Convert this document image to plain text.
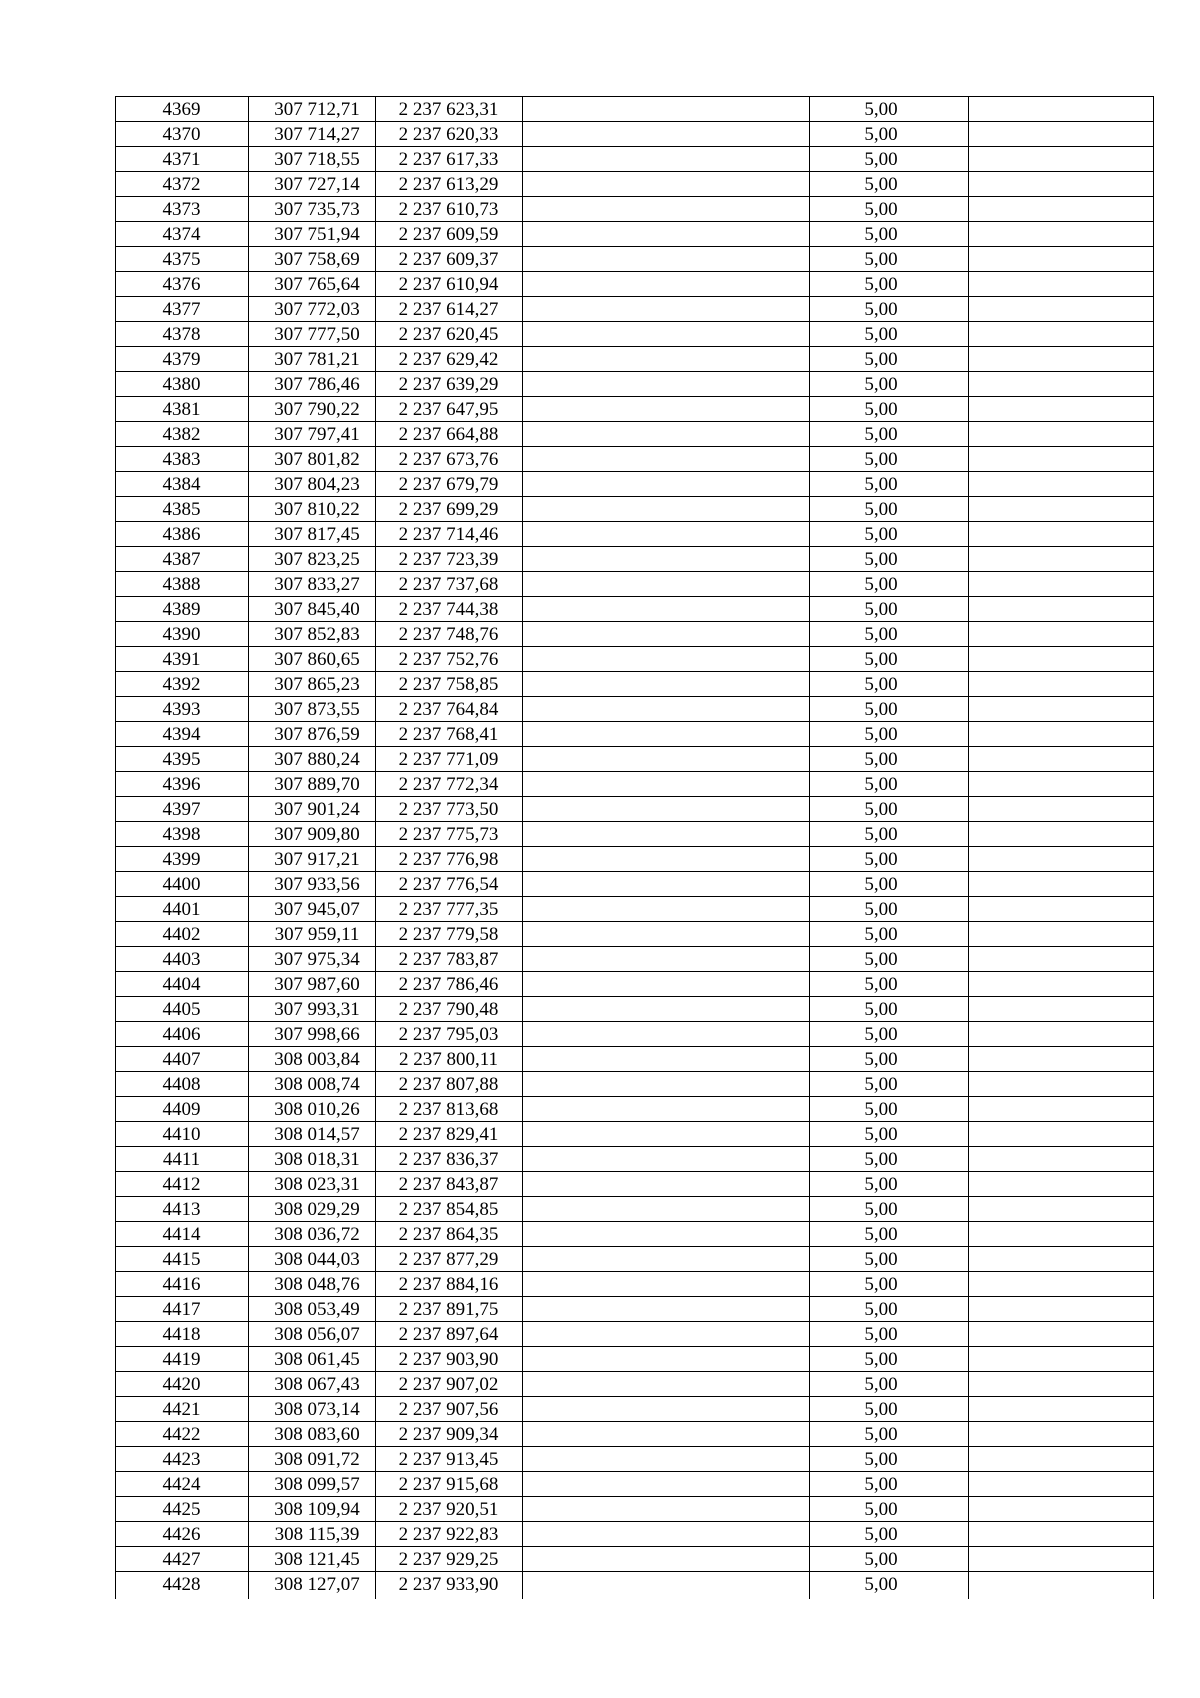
4369	307 712,71	2 237 623,31	5,00
4370	307 714,27	2 237 620,33	5,00
4371	307 718,55	2 237 617,33	5,00
4372	307 727,14	2 237 613,29	5,00
4373	307 735,73	2 237 610,73	5,00
4374	307 751,94	2 237 609,59	5,00
4375	307 758,69	2 237 609,37	5,00
4376	307 765,64	2 237 610,94	5,00
4377	307 772,03	2 237 614,27	5,00
4378	307 777,50	2 237 620,45	5,00
4379	307 781,21	2 237 629,42	5,00
4380	307 786,46	2 237 639,29	5,00
4381	307 790,22	2 237 647,95	5,00
4382	307 797,41	2 237 664,88	5,00
4383	307 801,82	2 237 673,76	5,00
4384	307 804,23	2 237 679,79	5,00
4385	307 810,22	2 237 699,29	5,00
4386	307 817,45	2 237 714,46	5,00
4387	307 823,25	2 237 723,39	5,00
4388	307 833,27	2 237 737,68	5,00
4389	307 845,40	2 237 744,38	5,00
4390	307 852,83	2 237 748,76	5,00
4391	307 860,65	2 237 752,76	5,00
4392	307 865,23	2 237 758,85	5,00
4393	307 873,55	2 237 764,84	5,00
4394	307 876,59	2 237 768,41	5,00
4395	307 880,24	2 237 771,09	5,00
4396	307 889,70	2 237 772,34	5,00
4397	307 901,24	2 237 773,50	5,00
4398	307 909,80	2 237 775,73	5,00
4399	307 917,21	2 237 776,98	5,00
4400	307 933,56	2 237 776,54	5,00
4401	307 945,07	2 237 777,35	5,00
4402	307 959,11	2 237 779,58	5,00
4403	307 975,34	2 237 783,87	5,00
4404	307 987,60	2 237 786,46	5,00
4405	307 993,31	2 237 790,48	5,00
4406	307 998,66	2 237 795,03	5,00
4407	308 003,84	2 237 800,11	5,00
4408	308 008,74	2 237 807,88	5,00
4409	308 010,26	2 237 813,68	5,00
4410	308 014,57	2 237 829,41	5,00
4411	308 018,31	2 237 836,37	5,00
4412	308 023,31	2 237 843,87	5,00
4413	308 029,29	2 237 854,85	5,00
4414	308 036,72	2 237 864,35	5,00
4415	308 044,03	2 237 877,29	5,00
4416	308 048,76	2 237 884,16	5,00
4417	308 053,49	2 237 891,75	5,00
4418	308 056,07	2 237 897,64	5,00
4419	308 061,45	2 237 903,90	5,00
4420	308 067,43	2 237 907,02	5,00
4421	308 073,14	2 237 907,56	5,00
4422	308 083,60	2 237 909,34	5,00
4423	308 091,72	2 237 913,45	5,00
4424	308 099,57	2 237 915,68	5,00
4425	308 109,94	2 237 920,51	5,00
4426	308 115,39	2 237 922,83	5,00
4427	308 121,45	2 237 929,25	5,00
4428	308 127,07	2 237 933,90	5,00
